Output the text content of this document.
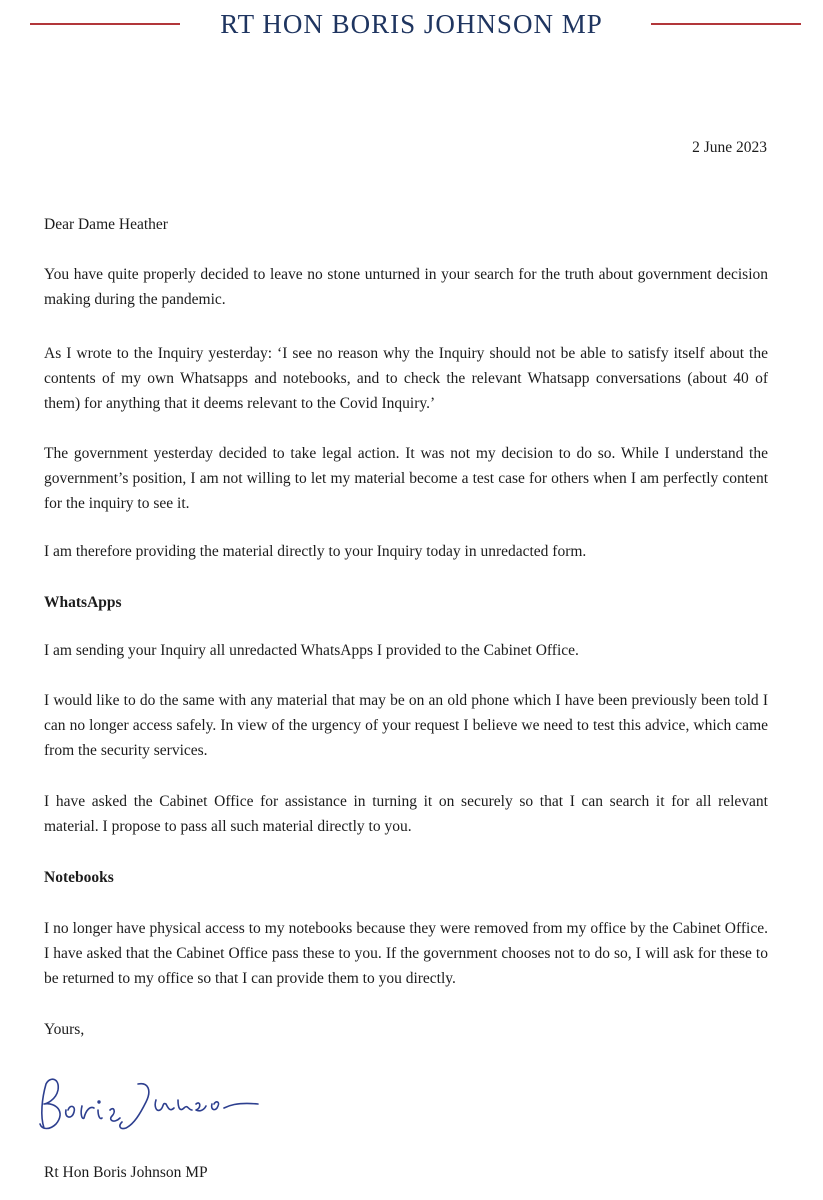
RT HON BORIS JOHNSON MP
2 June 2023
Dear Dame Heather
You have quite properly decided to leave no stone unturned in your search for the truth about government decision making during the pandemic.
As I wrote to the Inquiry yesterday: ‘I see no reason why the Inquiry should not be able to satisfy itself about the contents of my own Whatsapps and notebooks, and to check the relevant Whatsapp conversations (about 40 of them) for anything that it deems relevant to the Covid Inquiry.’
The government yesterday decided to take legal action. It was not my decision to do so. While I understand the government’s position, I am not willing to let my material become a test case for others when I am perfectly content for the inquiry to see it.
I am therefore providing the material directly to your Inquiry today in unredacted form.
WhatsApps
I am sending your Inquiry all unredacted WhatsApps I provided to the Cabinet Office.
I would like to do the same with any material that may be on an old phone which I have been previously been told I can no longer access safely. In view of the urgency of your request I believe we need to test this advice, which came from the security services.
I have asked the Cabinet Office for assistance in turning it on securely so that I can search it for all relevant material. I propose to pass all such material directly to you.
Notebooks
I no longer have physical access to my notebooks because they were removed from my office by the Cabinet Office. I have asked that the Cabinet Office pass these to you. If the government chooses not to do so, I will ask for these to be returned to my office so that I can provide them to you directly.
Yours,
Boris Johnson
Rt Hon Boris Johnson MP
